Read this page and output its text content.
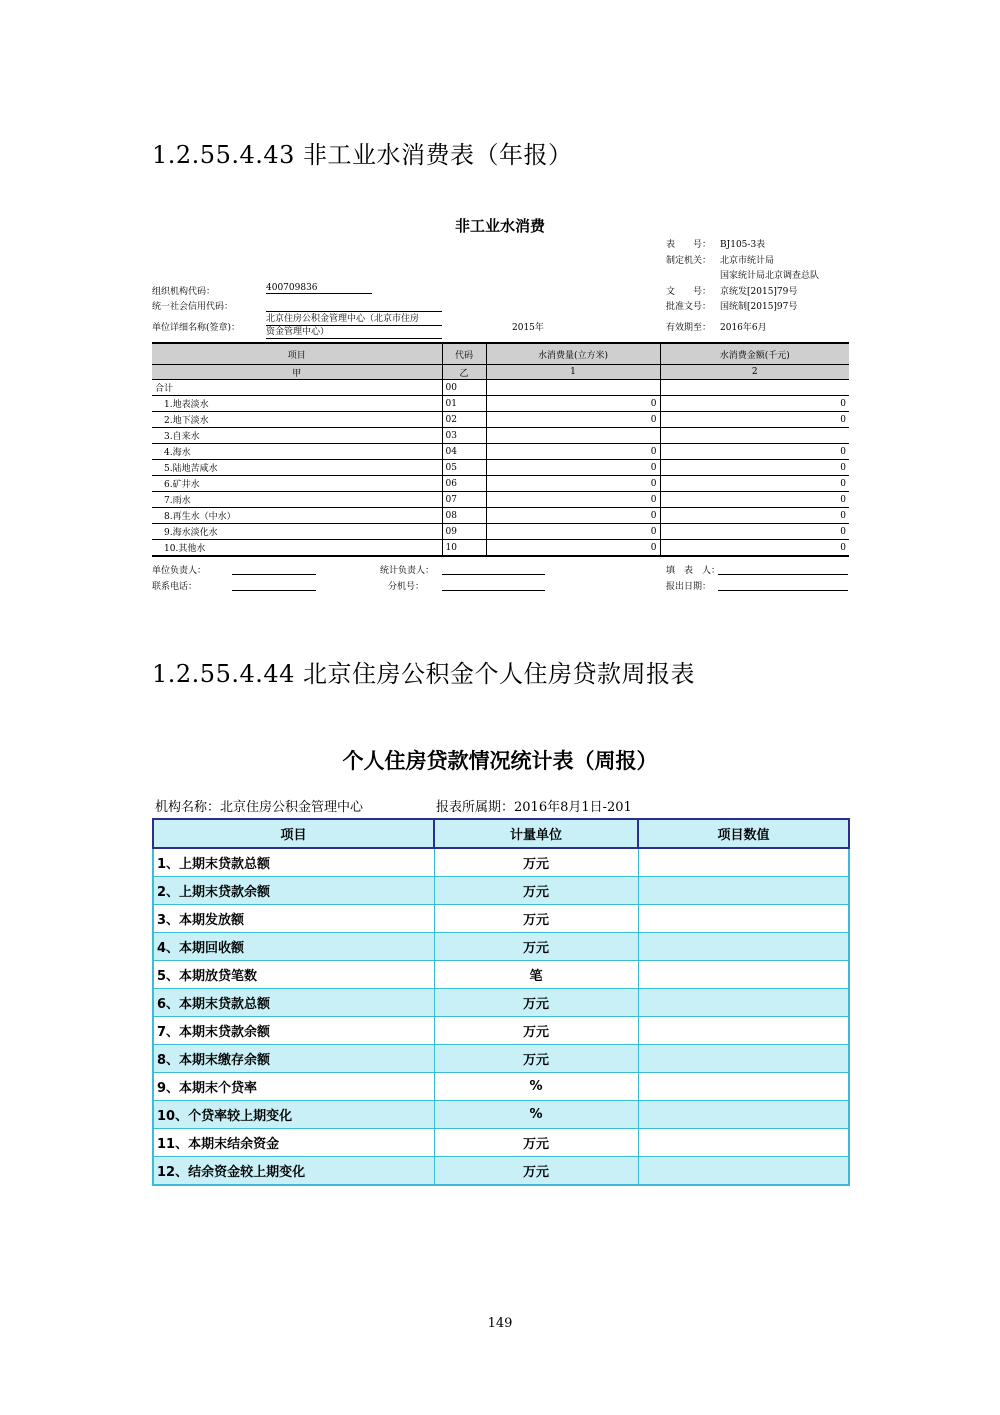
1.2.55.4.43 非工业水消费表（年报）
非工业水消费
表　　号： BJ105-3表
制定机关： 北京市统计局
国家统计局北京调查总队
文　　号： 京统发[2015]79号
批准文号： 国统制[2015]97号
有效期至： 2016年6月
组织机构代码：	400709836
统一社会信用代码：
单位详细名称(签章)：
北京住房公积金管理中心（北京市住房
资金管理中心）	2015年
项目	代码	水消费量(立方米)	水消费金额(千元)
甲	乙	1	2
合计	00		
1.地表淡水	01	0	0
2.地下淡水	02	0	0
3.自来水	03		
4.海水	04	0	0
5.陆地苦咸水	05	0	0
6.矿井水	06	0	0
7.雨水	07	0	0
8.再生水（中水）	08	0	0
9.海水淡化水	09	0	0
10.其他水	10	0	0
单位负责人：	统计负责人：	填　表　人：
联系电话：	分机号：	报出日期：
1.2.55.4.44 北京住房公积金个人住房贷款周报表
个人住房贷款情况统计表（周报）
机构名称：北京住房公积金管理中心	报表所属期：2016年8月1日-201
项目	计量单位	项目数值
1、上期末贷款总额	万元	
2、上期末贷款余额	万元	
3、本期发放额	万元	
4、本期回收额	万元	
5、本期放贷笔数	笔	
6、本期末贷款总额	万元	
7、本期末贷款余额	万元	
8、本期末缴存余额	万元	
9、本期末个贷率	%	
10、个贷率较上期变化	%	
11、本期末结余资金	万元	
12、结余资金较上期变化	万元	
149
